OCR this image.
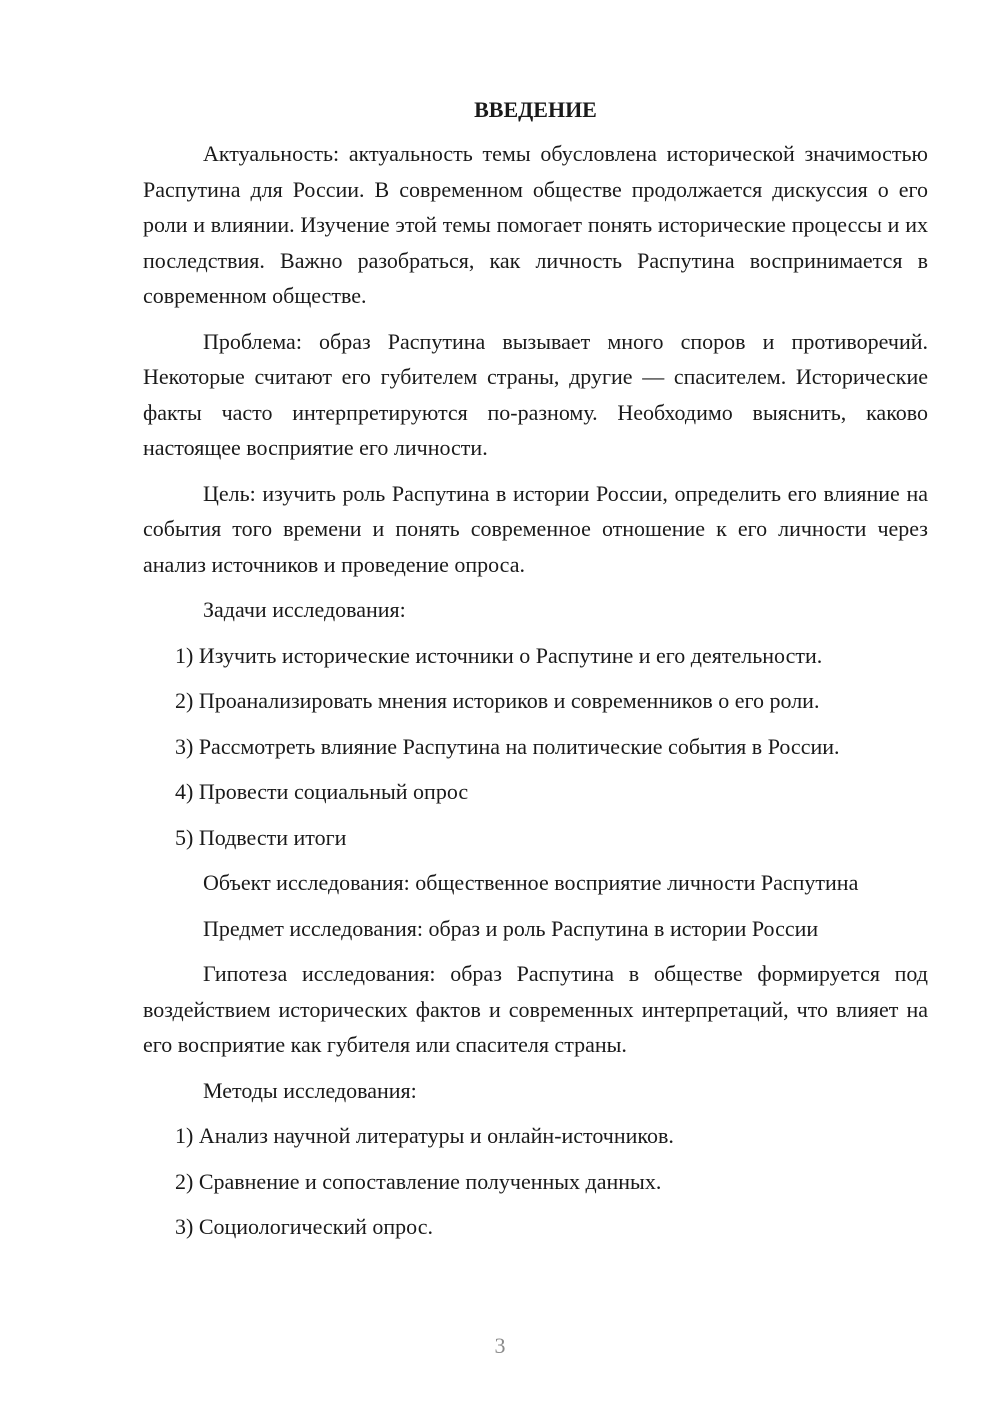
ВВЕДЕНИЕ

Актуальность: актуальность темы обусловлена исторической значимостью Распутина для России. В современном обществе продолжается дискуссия о его роли и влиянии. Изучение этой темы помогает понять исторические процессы и их последствия. Важно разобраться, как личность Распутина воспринимается в современном обществе.

Проблема: образ Распутина вызывает много споров и противоречий. Некоторые считают его губителем страны, другие — спасителем. Исторические факты часто интерпретируются по-разному. Необходимо выяснить, каково настоящее восприятие его личности.

Цель: изучить роль Распутина в истории России, определить его влияние на события того времени и понять современное отношение к его личности через анализ источников и проведение опроса.

Задачи исследования:

1) Изучить исторические источники о Распутине и его деятельности.
2) Проанализировать мнения историков и современников о его роли.
3) Рассмотреть влияние Распутина на политические события в России.
4) Провести социальный опрос
5) Подвести итоги

Объект исследования: общественное восприятие личности Распутина

Предмет исследования: образ и роль Распутина в истории России

Гипотеза исследования: образ Распутина в обществе формируется под воздействием исторических фактов и современных интерпретаций, что влияет на его восприятие как губителя или спасителя страны.

Методы исследования:

1) Анализ научной литературы и онлайн-источников.
2) Сравнение и сопоставление полученных данных.
3) Социологический опрос.
3
